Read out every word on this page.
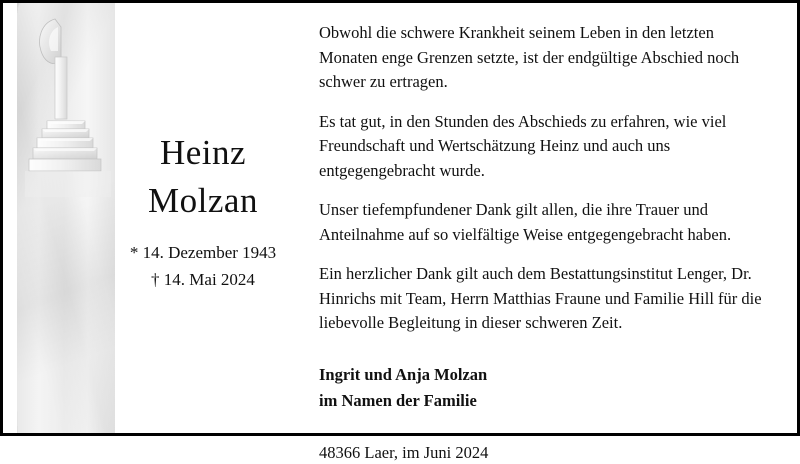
Heinz
Molzan
* 14. Dezember 1943
† 14. Mai 2024

Obwohl die schwere Krankheit seinem Leben in den letzten Monaten enge Grenzen setzte, ist der endgültige Abschied noch schwer zu ertragen.

Es tat gut, in den Stunden des Abschieds zu erfahren, wie viel Freundschaft und Wertschätzung Heinz und auch uns entgegengebracht wurde.

Unser tiefempfundener Dank gilt allen, die ihre Trauer und Anteilnahme auf so vielfältige Weise entgegengebracht haben.

Ein herzlicher Dank gilt auch dem Bestattungsinstitut Lenger, Dr. Hinrichs mit Team, Herrn Matthias Fraune und Familie Hill für die liebevolle Begleitung in dieser schweren Zeit.

Ingrit und Anja Molzan
im Namen der Familie
48366 Laer, im Juni 2024
